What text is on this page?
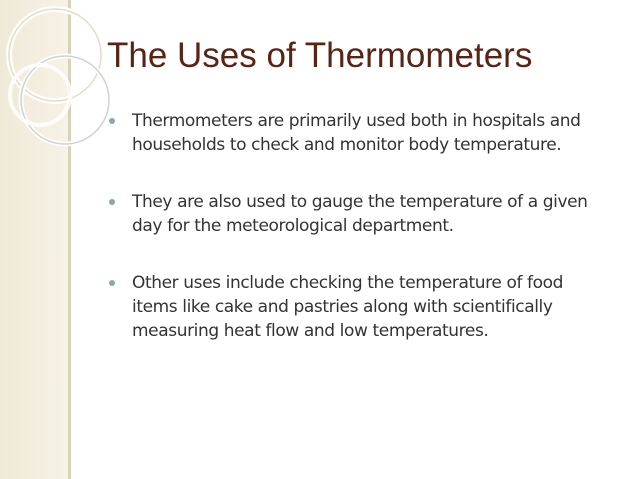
The Uses of Thermometers
Thermometers are primarily used both in hospitals and households to check and monitor body temperature.
They are also used to gauge the temperature of a given day for the meteorological department.
Other uses include checking the temperature of food items like cake and pastries along with scientifically measuring heat flow and low temperatures.
